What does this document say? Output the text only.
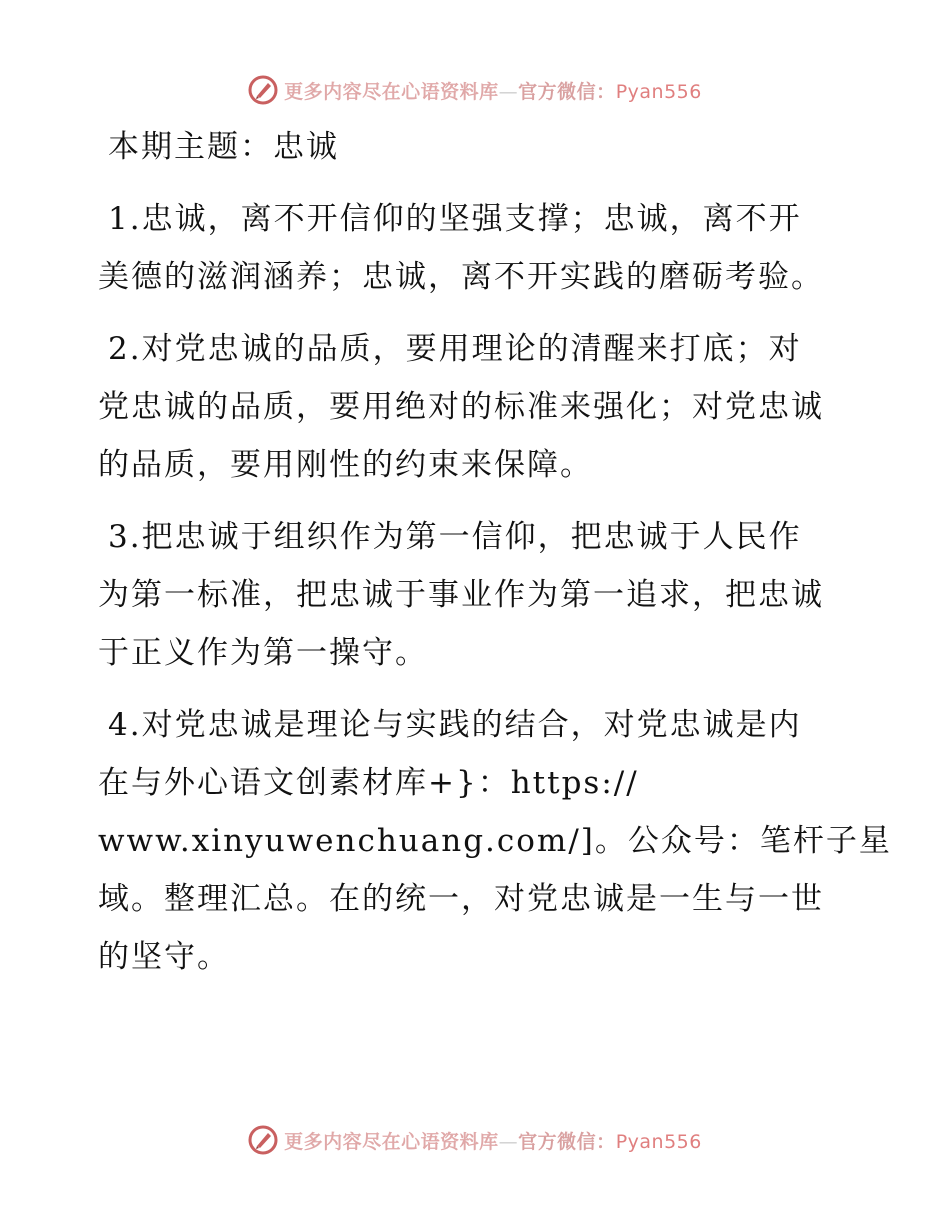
更多内容尽在心语资料库—官方微信：Pyan556
本期主题：忠诚

1.忠诚，离不开信仰的坚强支撑；忠诚，离不开
美德的滋润涵养；忠诚，离不开实践的磨砺考验。

2.对党忠诚的品质，要用理论的清醒来打底；对
党忠诚的品质，要用绝对的标准来强化；对党忠诚
的品质，要用刚性的约束来保障。

3.把忠诚于组织作为第一信仰，把忠诚于人民作
为第一标准，把忠诚于事业作为第一追求，把忠诚
于正义作为第一操守。

4.对党忠诚是理论与实践的结合，对党忠诚是内
在与外心语文创素材库+}：https://
www.xinyuwenchuang.com/]。公众号：笔杆子星
域。整理汇总。在的统一，对党忠诚是一生与一世
的坚守。

更多内容尽在心语资料库—官方微信：Pyan556
